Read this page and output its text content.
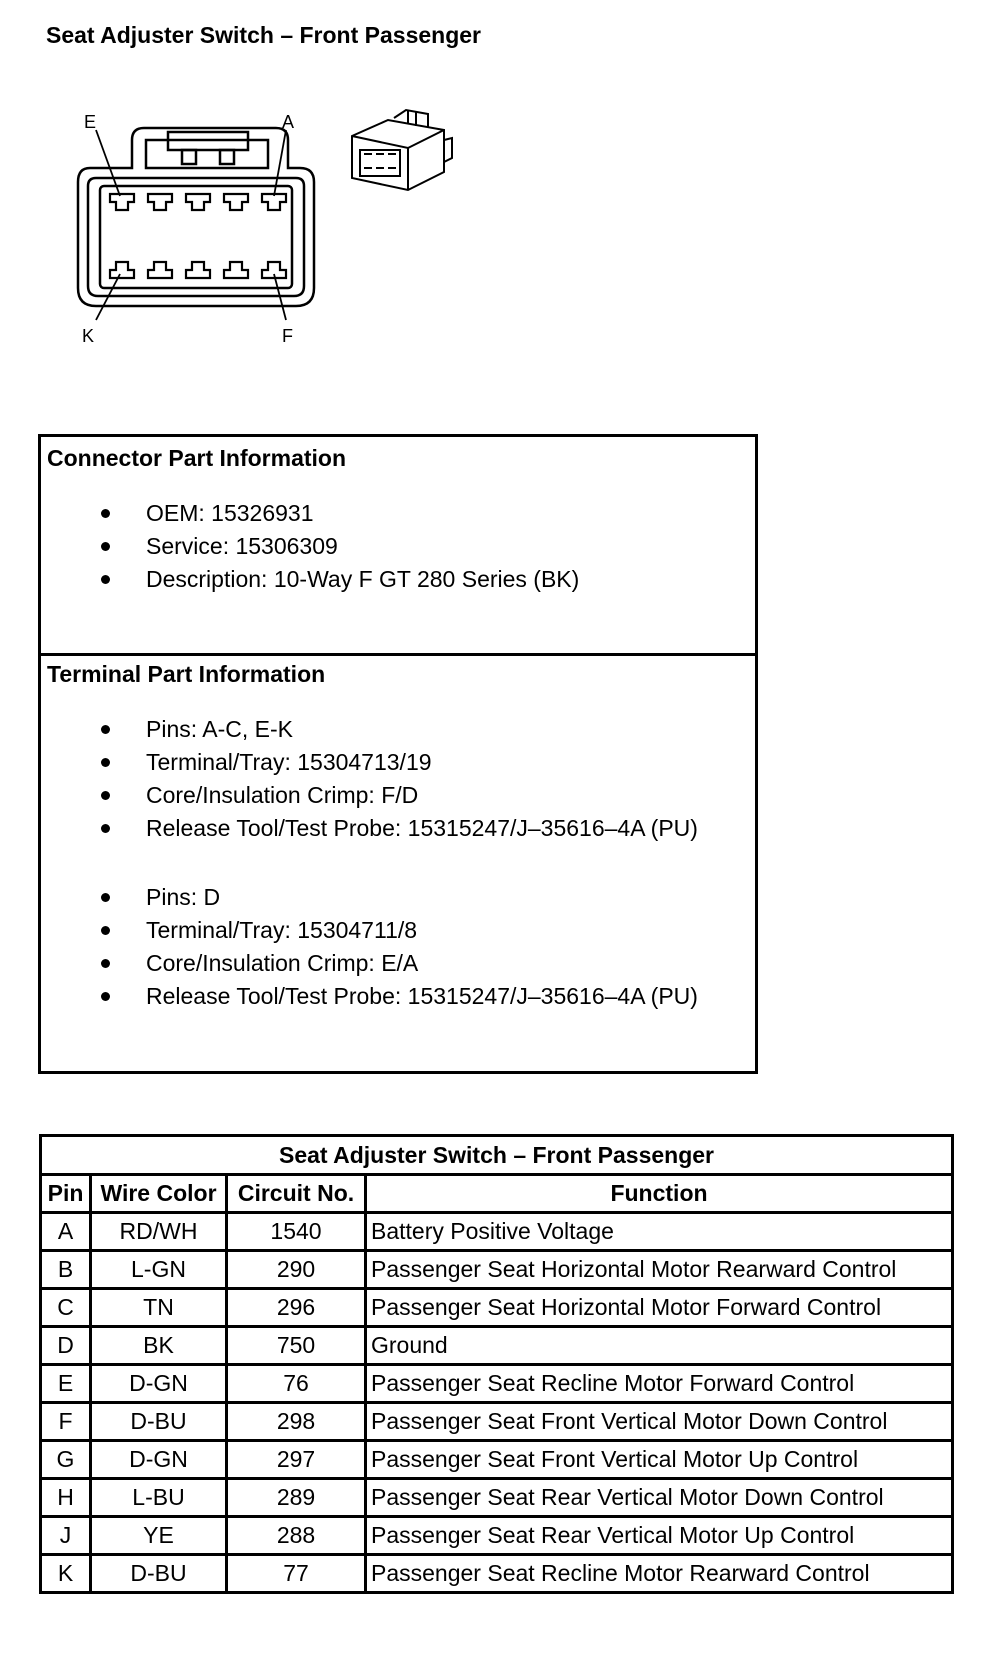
Seat Adjuster Switch – Front Passenger
E	A
K	F
Connector Part Information
OEM: 15326931
Service: 15306309
Description: 10-Way F GT 280 Series (BK)
Terminal Part Information
Pins: A-C, E-K
Terminal/Tray: 15304713/19
Core/Insulation Crimp: F/D
Release Tool/Test Probe: 15315247/J–35616–4A (PU)
Pins: D
Terminal/Tray: 15304711/8
Core/Insulation Crimp: E/A
Release Tool/Test Probe: 15315247/J–35616–4A (PU)
Seat Adjuster Switch – Front Passenger			
Pin	Wire Color	Circuit No.	Function
A	RD/WH	1540	Battery Positive Voltage
B	L-GN	290	Passenger Seat Horizontal Motor Rearward Control
C	TN	296	Passenger Seat Horizontal Motor Forward Control
D	BK	750	Ground
E	D-GN	76	Passenger Seat Recline Motor Forward Control
F	D-BU	298	Passenger Seat Front Vertical Motor Down Control
G	D-GN	297	Passenger Seat Front Vertical Motor Up Control
H	L-BU	289	Passenger Seat Rear Vertical Motor Down Control
J	YE	288	Passenger Seat Rear Vertical Motor Up Control
K	D-BU	77	Passenger Seat Recline Motor Rearward Control
